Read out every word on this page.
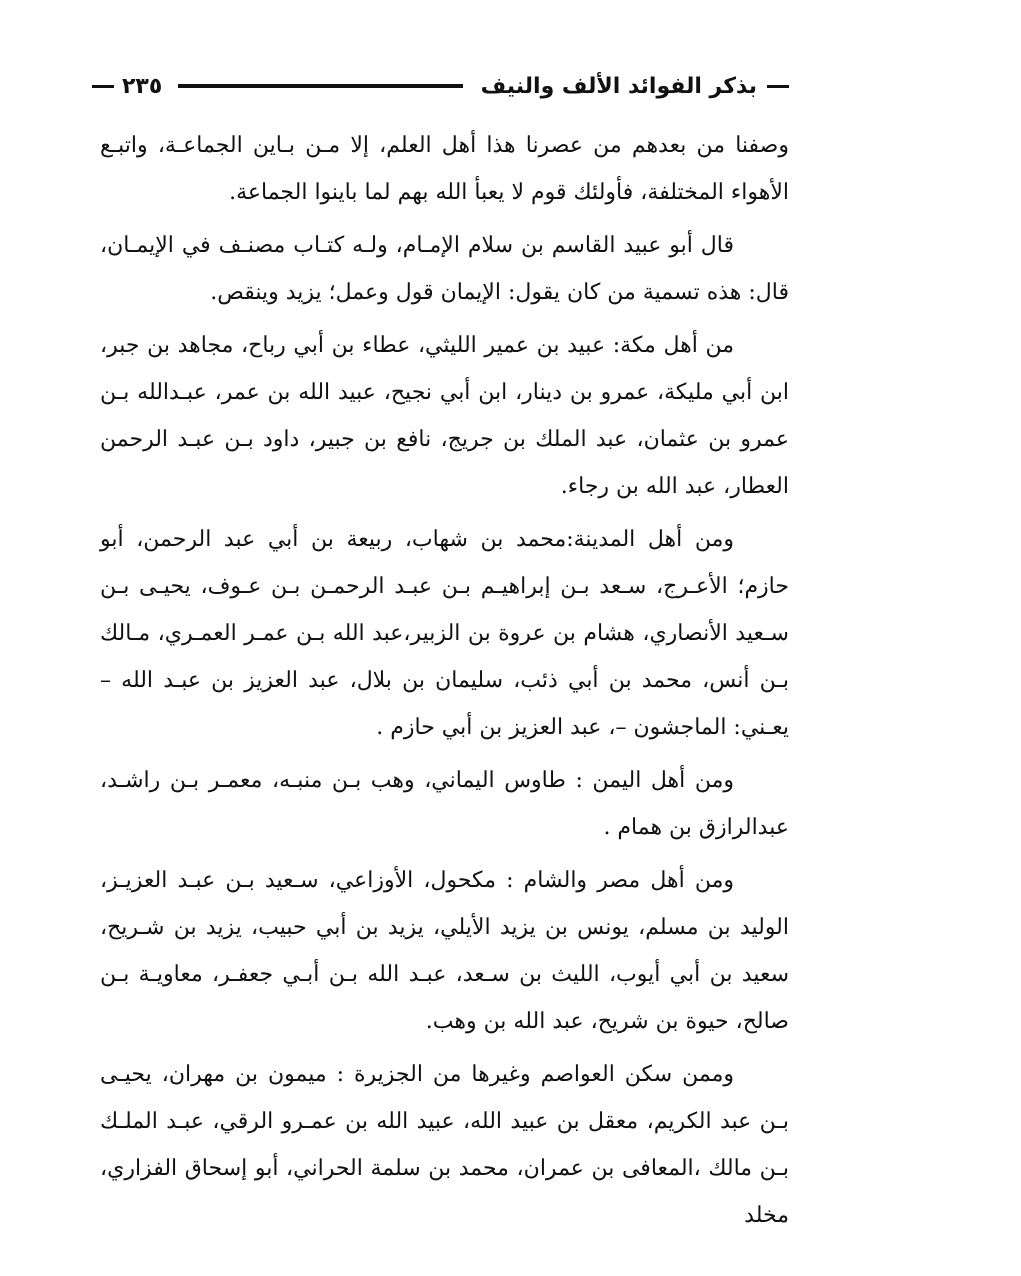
بذكر الفوائد الألف والنيف
٢٣٥

وصفنا من بعدهم من عصرنا هذا أهل العلم، إلا مـن بـاين الجماعـة، واتبـع الأهواء المختلفة، فأولئك قوم لا يعبأ الله بهم لما باينوا الجماعة.

قال أبو عبيد القاسم بن سلام الإمـام، ولـه كتـاب مصنـف في الإيمـان، قال: هذه تسمية من كان يقول: الإيمان قول وعمل؛ يزيد وينقص.

من أهل مكة: عبيد بن عمير الليثي، عطاء بن أبي رباح، مجاهد بن جبر، ابن أبي مليكة، عمرو بن دينار، ابن أبي نجيح، عبيد الله بن عمر، عبـدالله بـن عمرو بن عثمان، عبد الملك بن جريج، نافع بن جبير، داود بـن عبـد الرحمن العطار، عبد الله بن رجاء.

ومن أهل المدينة:محمد بن شهاب، ربيعة بن أبي عبد الرحمن، أبو حازم؛ الأعـرج، سـعد بـن إبراهيـم بـن عبـد الرحمـن بـن عـوف، يحيـى بـن سـعيد الأنصاري، هشام بن عروة بن الزبير،عبد الله بـن عمـر العمـري، مـالك بـن أنس، محمد بن أبي ذئب، سليمان بن بلال، عبد العزيز بن عبـد الله – يعـني: الماجشون –، عبد العزيز بن أبي حازم .

ومن أهل اليمن : طاوس اليماني، وهب بـن منبـه، معمـر بـن راشـد، عبدالرازق بن همام .

ومن أهل مصر والشام : مكحول، الأوزاعي، سـعيد بـن عبـد العزيـز، الوليد بن مسلم، يونس بن يزيد الأيلي، يزيد بن أبي حبيب، يزيد بن شـريح، سعيد بن أبي أيوب، الليث بن سـعد، عبـد الله بـن أبـي جعفـر، معاويـة بـن صالح، حيوة بن شريح، عبد الله بن وهب.

وممن سكن العواصم وغيرها من الجزيرة : ميمون بن مهران، يحيـى بـن عبد الكريم، معقل بن عبيد الله، عبيد الله بن عمـرو الرقي، عبـد الملـك بـن مالك ،المعافى بن عمران، محمد بن سلمة الحراني، أبو إسحاق الفزاري، مخلد
